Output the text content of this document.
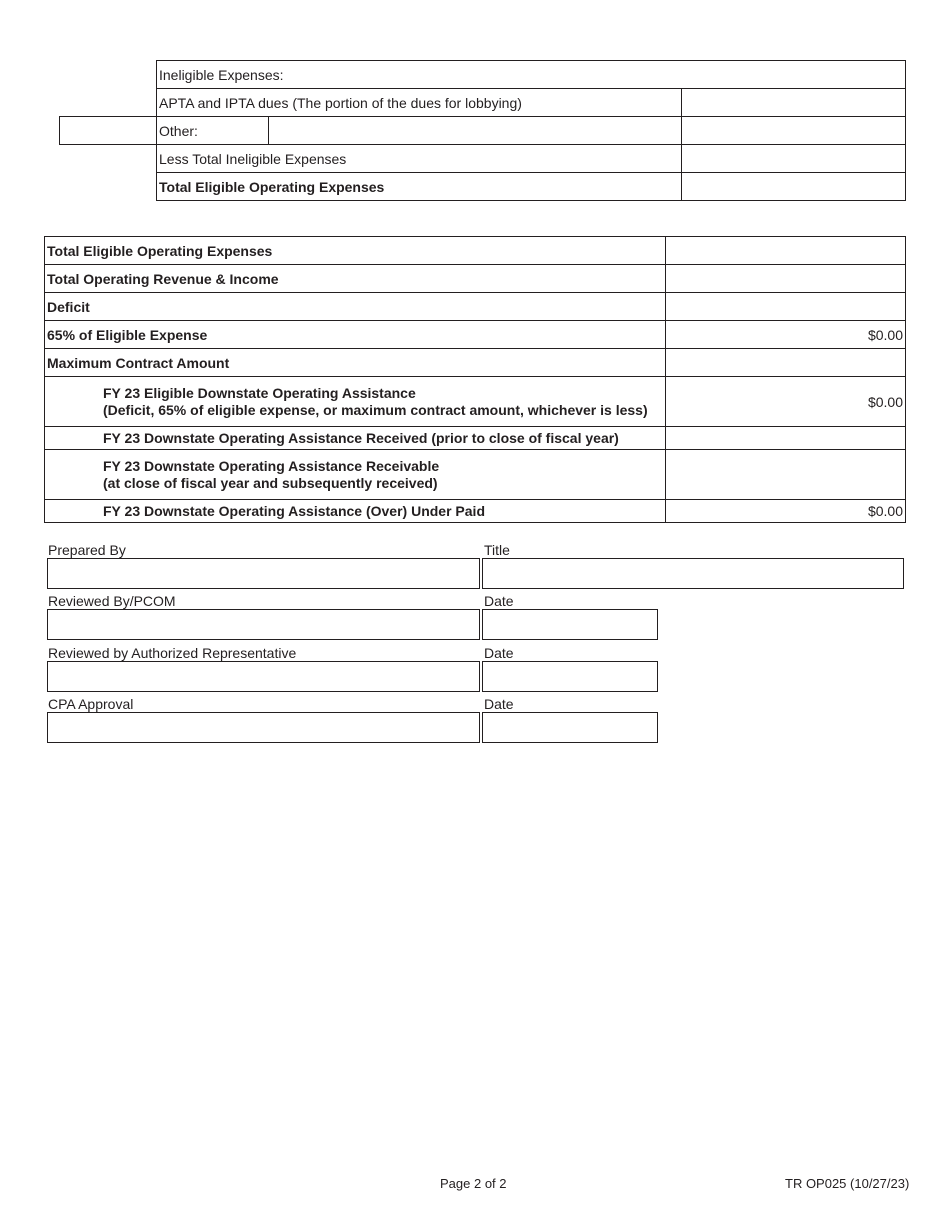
Ineligible Expenses:
APTA and IPTA dues (The portion of the dues for lobbying)
Other:
Less Total Ineligible Expenses
Total Eligible Operating Expenses
Total Eligible Operating Expenses
Total Operating Revenue & Income
Deficit
65% of Eligible Expense	$0.00
Maximum Contract Amount
FY 23 Eligible Downstate Operating Assistance
(Deficit, 65% of eligible expense, or maximum contract amount, whichever is less)	$0.00
FY 23 Downstate Operating Assistance Received (prior to close of fiscal year)
FY 23 Downstate Operating Assistance Receivable
(at close of fiscal year and subsequently received)
FY 23 Downstate Operating Assistance (Over) Under Paid	$0.00
Prepared By	Title
Reviewed By/PCOM	Date
Reviewed by Authorized Representative	Date
CPA Approval	Date
Page 2 of 2	TR OP025 (10/27/23)
